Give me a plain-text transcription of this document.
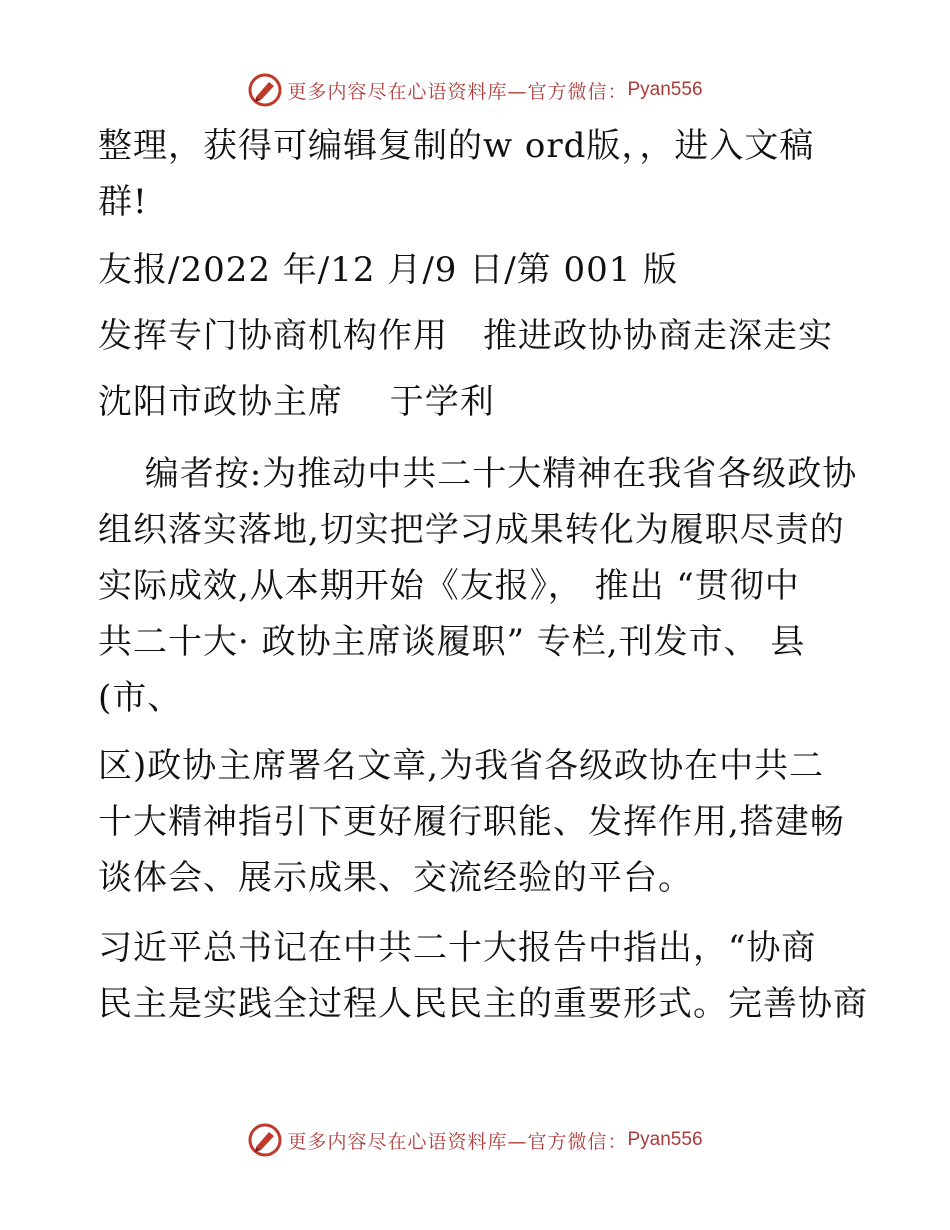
更多内容尽在心语资料库—官方微信： Pyan556
整理，获得可编辑复制的w ord版，，进入文稿
群!
友报/2022 年/12 月/9 日/第 001 版
发挥专门协商机构作用　推进政协协商走深走实
沈阳市政协主席　 于学利
　 编者按:为推动中共二十大精神在我省各级政协
组织落实落地,切实把学习成果转化为履职尽责的
实际成效,从本期开始《友报》， 推出 “贯彻中
共二十大· 政协主席谈履职” 专栏,刊发市、 县
(市、
区)政协主席署名文章,为我省各级政协在中共二
十大精神指引下更好履行职能、发挥作用,搭建畅
谈体会、展示成果、交流经验的平台。
习近平总书记在中共二十大报告中指出，“协商
民主是实践全过程人民民主的重要形式。完善协商
更多内容尽在心语资料库—官方微信： Pyan556
